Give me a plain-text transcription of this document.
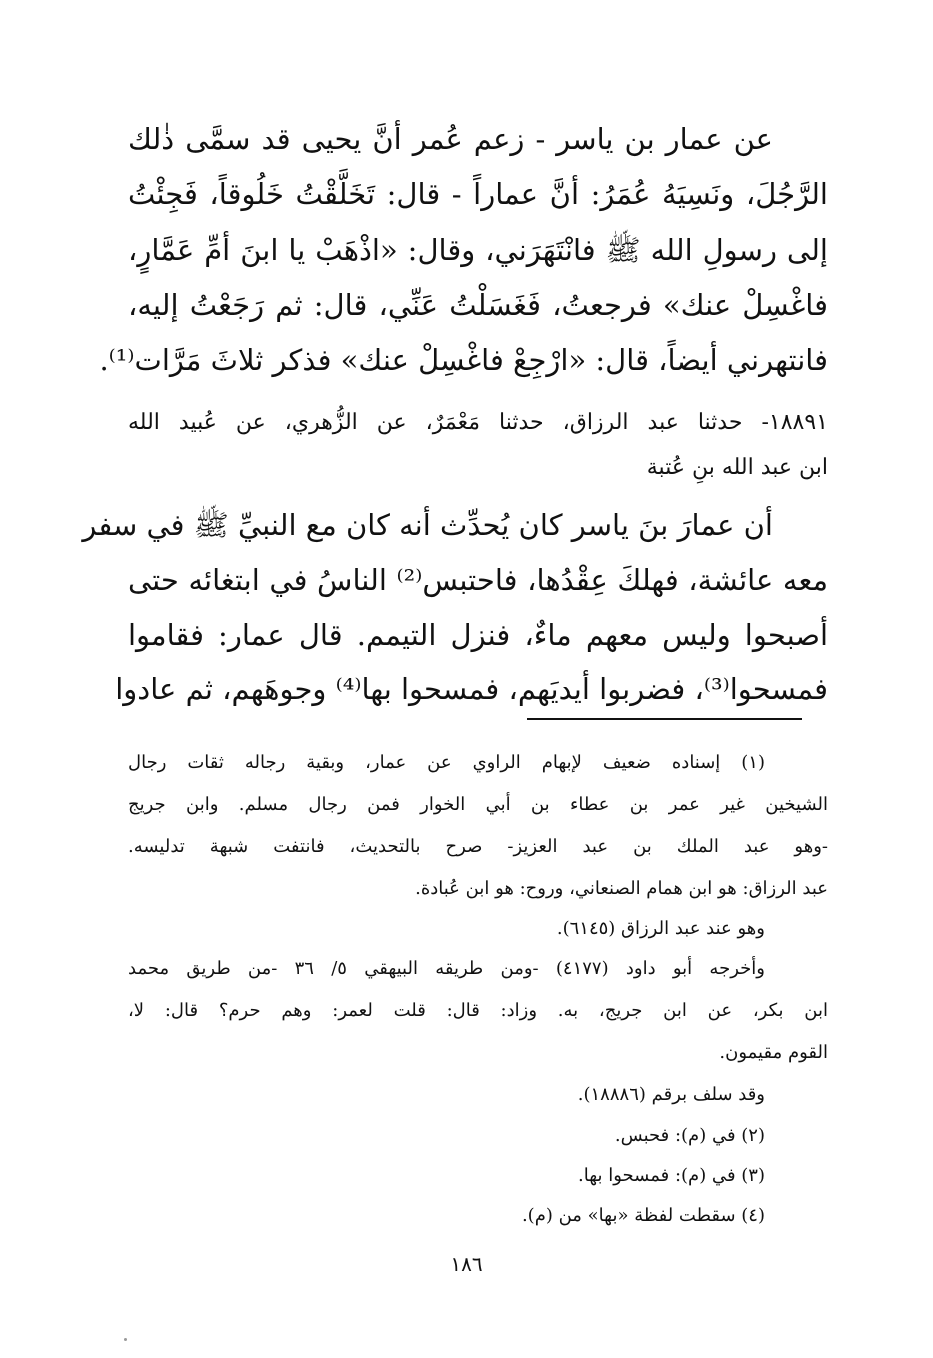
عن عمار بن ياسر - زعم عُمر أنَّ يحيى قد سمَّى ذٰلك
الرَّجُلَ، ونَسِيَهُ عُمَرُ: أنَّ عماراً - قال: تَخَلَّقْتُ خَلُوقاً، فَجِئْتُ
إلى رسولِ الله ﷺ فانْتَهَرَني، وقال: «اذْهَبْ يا ابنَ أمِّ عَمَّارٍ،
فاغْسِلْ عنك» فرجعتُ، فَغَسَلْتُ عَنِّي، قال: ثم رَجَعْتُ إليه،
فانتهرني أيضاً، قال: «ارْجِعْ فاغْسِلْ عنك» فذكر ثلاثَ مَرَّات⁽¹⁾.
١٨٨٩١- حدثنا عبد الرزاق، حدثنا مَعْمَرٌ، عن الزُّهري، عن عُبيد الله
ابن عبد الله بنِ عُتبة
أن عمارَ بنَ ياسر كان يُحدِّث أنه كان مع النبيِّ ﷺ في سفر
معه عائشة، فهلكَ عِقْدُها، فاحتبس⁽²⁾ الناسُ في ابتغائه حتى
أصبحوا وليس معهم ماءٌ، فنزل التيمم. قال عمار: فقاموا
فمسحوا⁽³⁾، فضربوا أيديَهم، فمسحوا بها⁽⁴⁾ وجوهَهم، ثم عادوا
(١) إسناده ضعيف لإبهام الراوي عن عمار، وبقية رجاله ثقات رجال
الشيخين غير عمر بن عطاء بن أبي الخوار فمن رجال مسلم. وابن جريج
-وهو عبد الملك بن عبد العزيز- صرح بالتحديث، فانتفت شبهة تدليسه.
عبد الرزاق: هو ابن همام الصنعاني، وروح: هو ابن عُبادة.
وهو عند عبد الرزاق (٦١٤٥).
وأخرجه أبو داود (٤١٧٧) -ومن طريقه البيهقي ٥/ ٣٦ -من طريق محمد
ابن بكر، عن ابن جريج، به. وزاد: قال: قلت لعمر: وهم حرم؟ قال: لا،
القوم مقيمون.
وقد سلف برقم (١٨٨٨٦).
(٢) في (م): فحبس.
(٣) في (م): فمسحوا بها.
(٤) سقطت لفظة «بها» من (م).
١٨٦
